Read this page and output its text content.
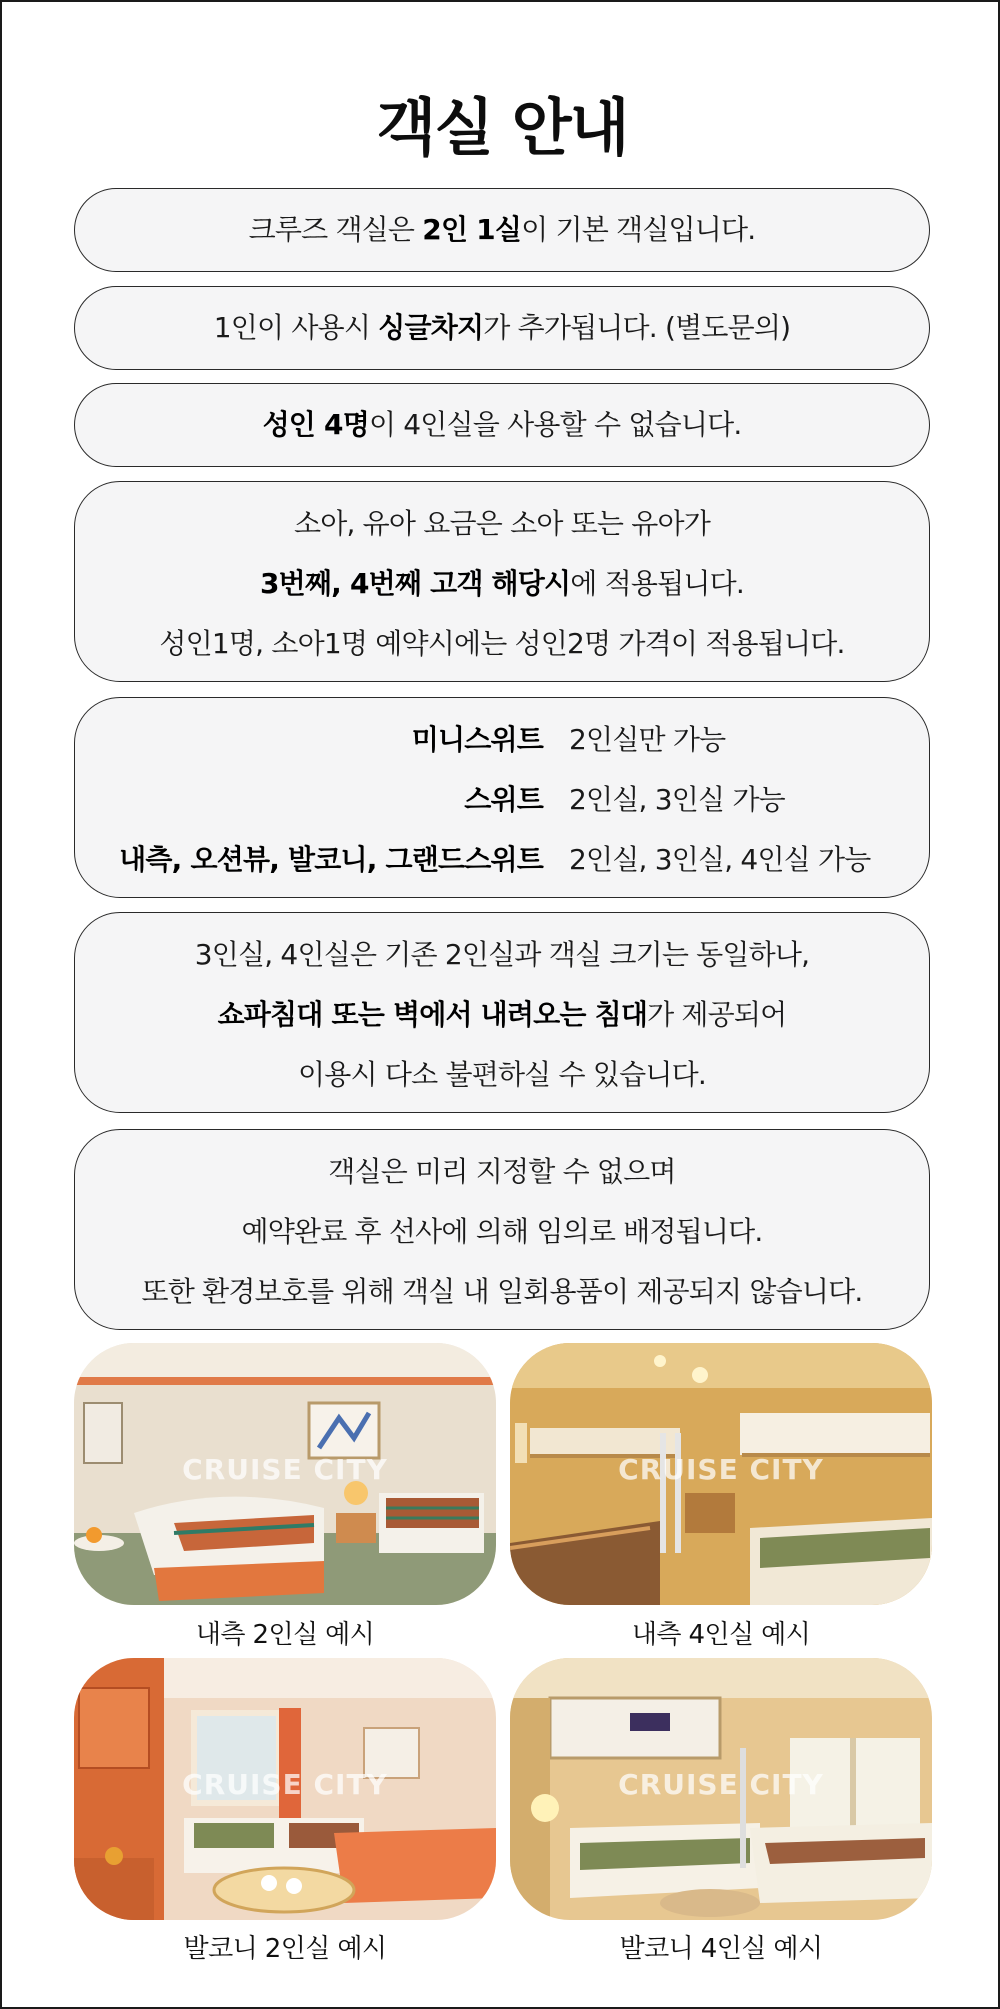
객실 안내

크루즈 객실은 2인 1실이 기본 객실입니다.

1인이 사용시 싱글차지가 추가됩니다. (별도문의)

성인 4명이 4인실을 사용할 수 없습니다.

소아, 유아 요금은 소아 또는 유아가

3번째, 4번째 고객 해당시에 적용됩니다.

성인1명, 소아1명 예약시에는 성인2명 가격이 적용됩니다.

미니스위트 2인실만 가능
스위트 2인실, 3인실 가능
내측, 오션뷰, 발코니, 그랜드스위트 2인실, 3인실, 4인실 가능

3인실, 4인실은 기존 2인실과 객실 크기는 동일하나,

쇼파침대 또는 벽에서 내려오는 침대가 제공되어

이용시 다소 불편하실 수 있습니다.

객실은 미리 지정할 수 없으며

예약완료 후 선사에 의해 임의로 배정됩니다.

또한 환경보호를 위해 객실 내 일회용품이 제공되지 않습니다.

CRUISE CITY
내측 2인실 예시
CRUISE CITY
내측 4인실 예시
CRUISE CITY
발코니 2인실 예시
CRUISE CITY
발코니 4인실 예시
